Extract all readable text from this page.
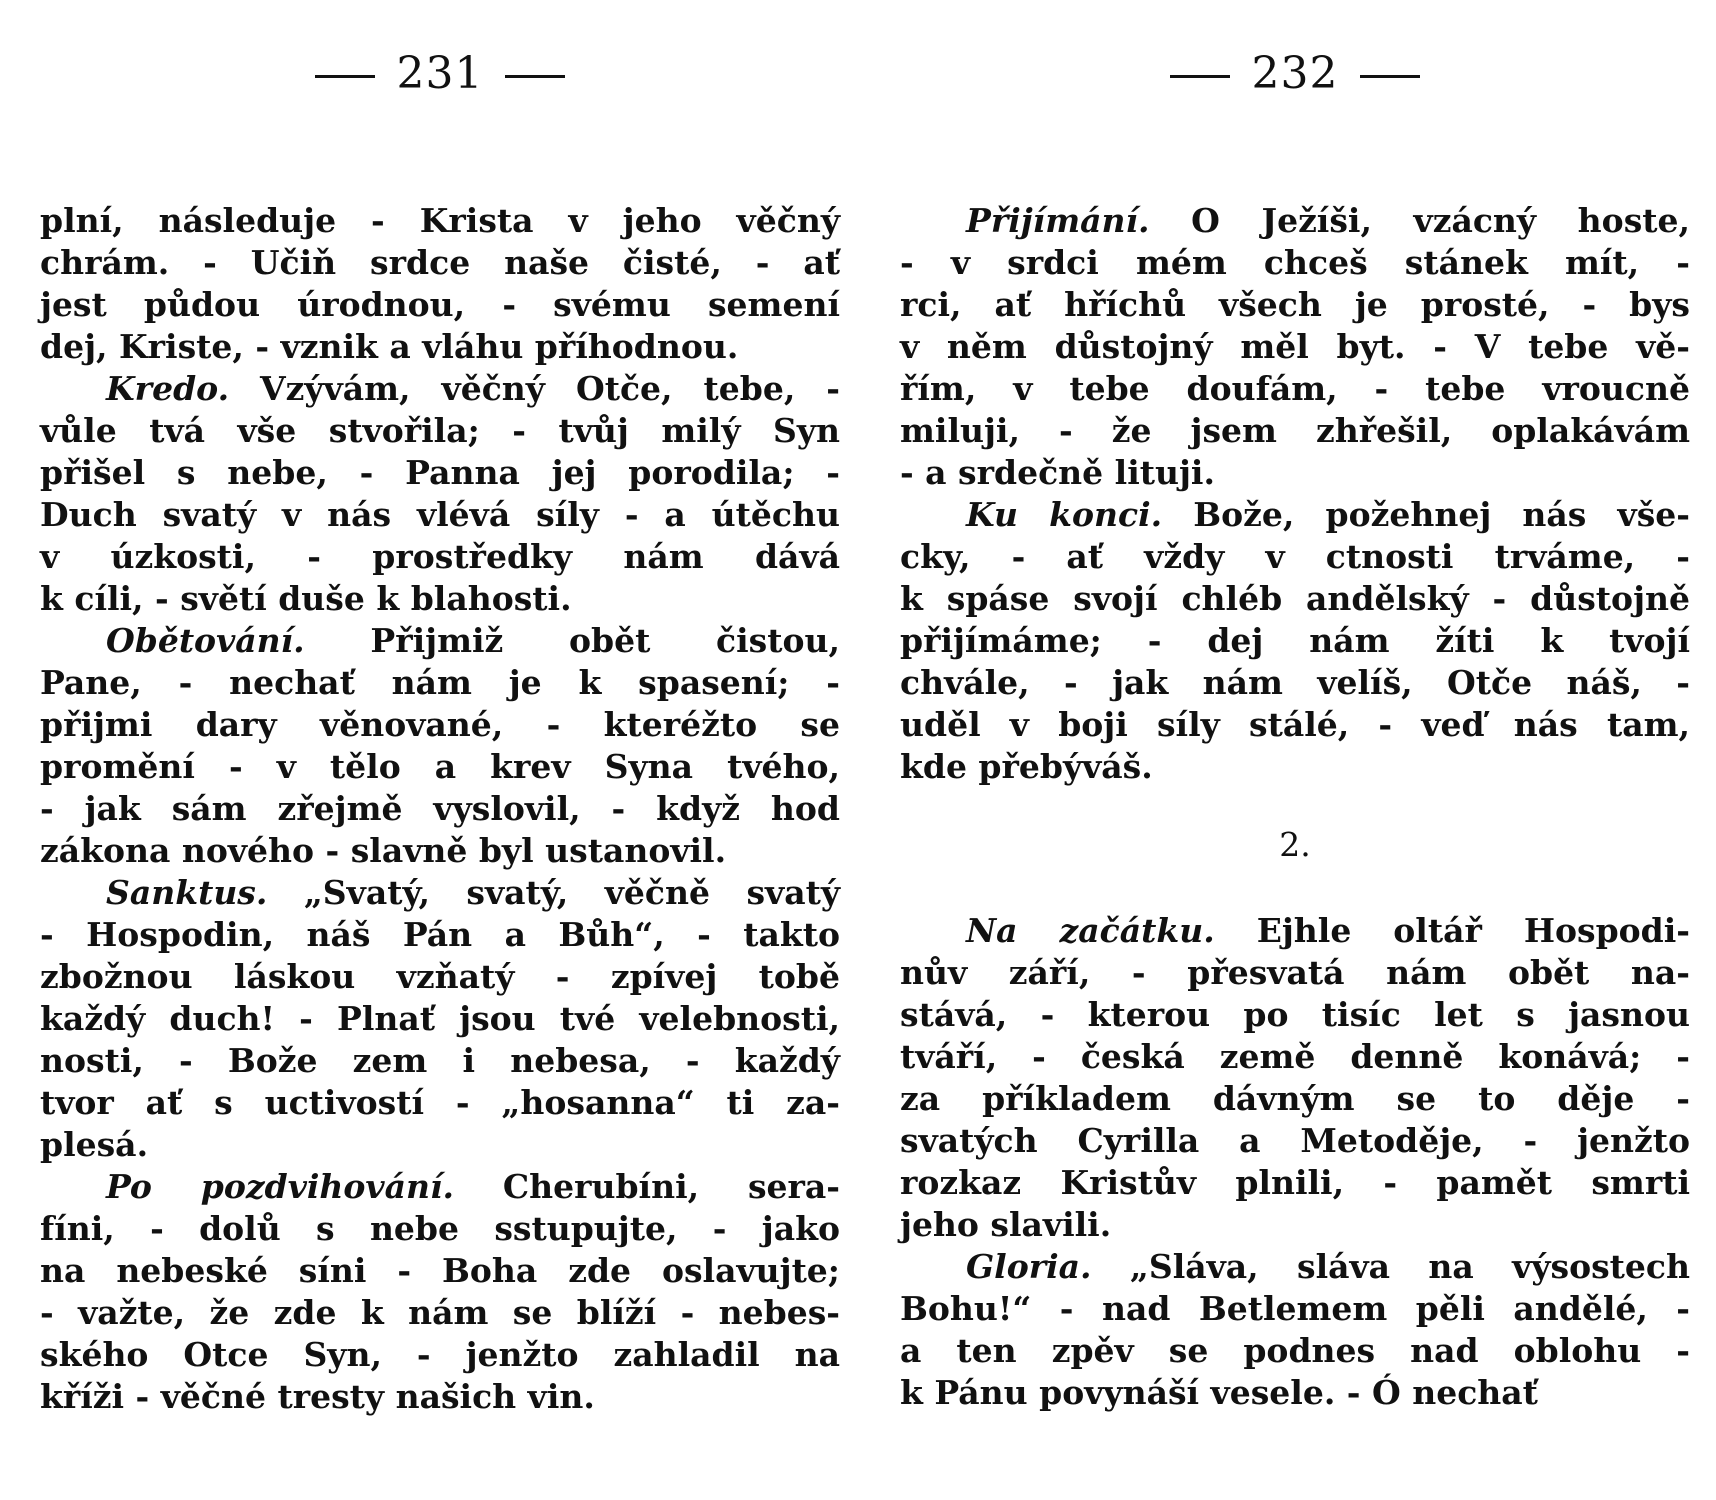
231
plní, následuje - Krista v jeho věčný
chrám. - Učiň srdce naše čisté, - ať
jest půdou úrodnou, - svému semení
dej, Kriste, - vznik a vláhu příhodnou.
Kredo. Vzývám, věčný Otče, tebe, -
vůle tvá vše stvořila; - tvůj milý Syn
přišel s nebe, - Panna jej porodila; -
Duch svatý v nás vlévá síly - a útěchu
v úzkosti, - prostředky nám dává
k cíli, - světí duše k blahosti.
Obětování. Přijmiž obět čistou,
Pane, - nechať nám je k spasení; -
přijmi dary věnované, - kteréžto se
promění - v tělo a krev Syna tvého,
- jak sám zřejmě vyslovil, - když hod
zákona nového - slavně byl ustanovil.
Sanktus. „Svatý, svatý, věčně svatý
- Hospodin, náš Pán a Bůh“, - takto
zbožnou láskou vzňatý - zpívej tobě
každý duch! - Plnať jsou tvé velebnosti,
nosti, - Bože zem i nebesa, - každý
tvor ať s uctivostí - „hosanna“ ti za-
plesá.
Po pozdvihování. Cherubíni, sera-
fíni, - dolů s nebe sstupujte, - jako
na nebeské síni - Boha zde oslavujte;
- važte, že zde k nám se blíží - nebes-
ského Otce Syn, - jenžto zahladil na
kříži - věčné tresty našich vin.
232
Přijímání. O Ježíši, vzácný hoste,
- v srdci mém chceš stánek mít, -
rci, ať hříchů všech je prosté, - bys
v něm důstojný měl byt. - V tebe vě-
řím, v tebe doufám, - tebe vroucně
miluji, - že jsem zhřešil, oplakávám
- a srdečně lituji.
Ku konci. Bože, požehnej nás vše-
cky, - ať vždy v ctnosti trváme, -
k spáse svojí chléb andělský - důstojně
přijímáme; - dej nám žíti k tvojí
chvále, - jak nám velíš, Otče náš, -
uděl v boji síly stálé, - veď nás tam,
kde přebýváš.
2.
Na začátku. Ejhle oltář Hospodi-
nův září, - přesvatá nám obět na-
stává, - kterou po tisíc let s jasnou
tváří, - česká země denně konává; -
za příkladem dávným se to děje -
svatých Cyrilla a Metoděje, - jenžto
rozkaz Kristův plnili, - pamět smrti
jeho slavili.
Gloria. „Sláva, sláva na výsostech
Bohu!“ - nad Betlemem pěli andělé, -
a ten zpěv se podnes nad oblohu -
k Pánu povynáší vesele. - Ó nechať
